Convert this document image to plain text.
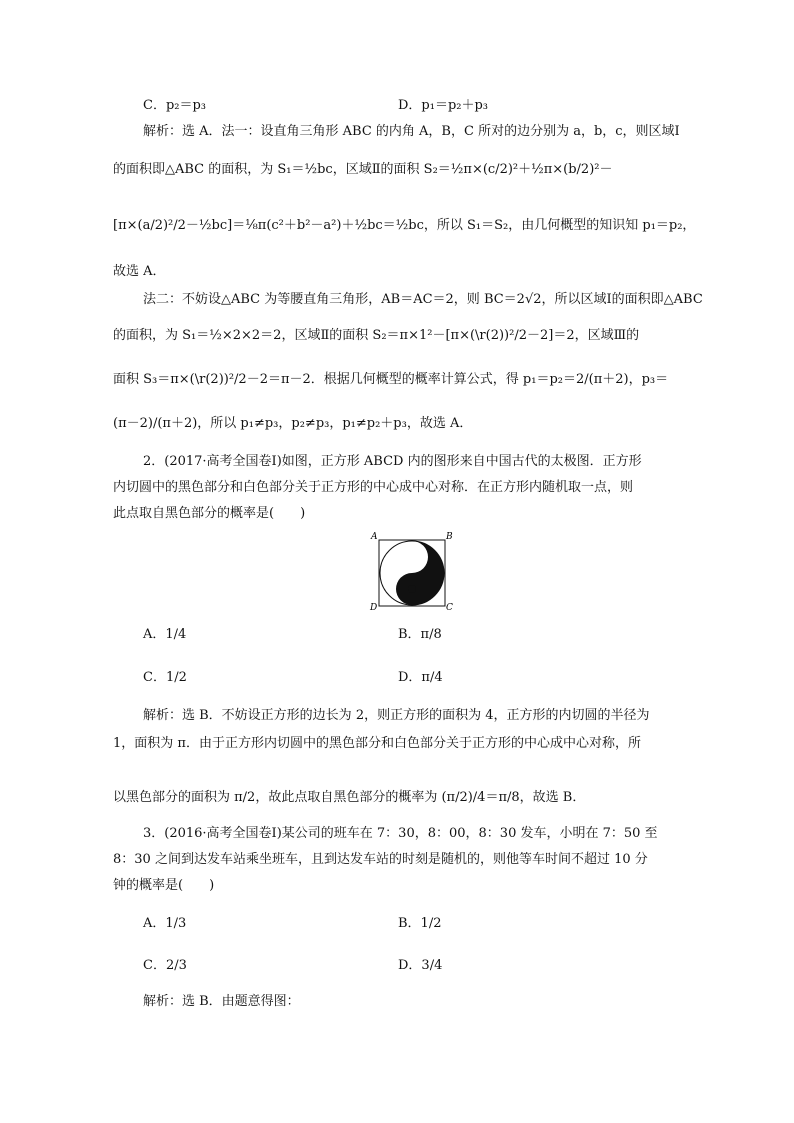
C．p₂＝p₃	D．p₁＝p₂＋p₃
解析：选 A．法一：设直角三角形 ABC 的内角 A，B，C 所对的边分别为 a，b，c，则区域Ⅰ
的面积即△ABC 的面积，为 S₁＝½bc，区域Ⅱ的面积 S₂＝½π×(c/2)²＋½π×(b/2)²－
[π×(a/2)²/2－½bc]＝⅛π(c²＋b²－a²)＋½bc＝½bc，所以 S₁＝S₂，由几何概型的知识知 p₁＝p₂，
故选 A．
法二：不妨设△ABC 为等腰直角三角形，AB＝AC＝2，则 BC＝2√2，所以区域Ⅰ的面积即△ABC
的面积，为 S₁＝½×2×2＝2，区域Ⅱ的面积 S₂＝π×1²－[π×(\r(2))²/2－2]＝2，区域Ⅲ的
面积 S₃＝π×(\r(2))²/2－2＝π－2．根据几何概型的概率计算公式，得 p₁＝p₂＝2/(π＋2)，p₃＝
(π－2)/(π＋2)，所以 p₁≠p₃，p₂≠p₃，p₁≠p₂＋p₃，故选 A．
2．(2017·高考全国卷Ⅰ)如图，正方形 ABCD 内的图形来自中国古代的太极图．正方形
内切圆中的黑色部分和白色部分关于正方形的中心成中心对称．在正方形内随机取一点，则
此点取自黑色部分的概率是(　　)
A	B
C
D
A．1/4	B．π/8
C．1/2	D．π/4
解析：选 B．不妨设正方形的边长为 2，则正方形的面积为 4，正方形的内切圆的半径为
1，面积为 π．由于正方形内切圆中的黑色部分和白色部分关于正方形的中心成中心对称，所
以黑色部分的面积为 π/2，故此点取自黑色部分的概率为 (π/2)/4＝π/8，故选 B．
3．(2016·高考全国卷Ⅰ)某公司的班车在 7：30，8：00，8：30 发车，小明在 7：50 至
8：30 之间到达发车站乘坐班车，且到达发车站的时刻是随机的，则他等车时间不超过 10 分
钟的概率是(　　)
A．1/3	B．1/2
C．2/3	D．3/4
解析：选 B．由题意得图：
